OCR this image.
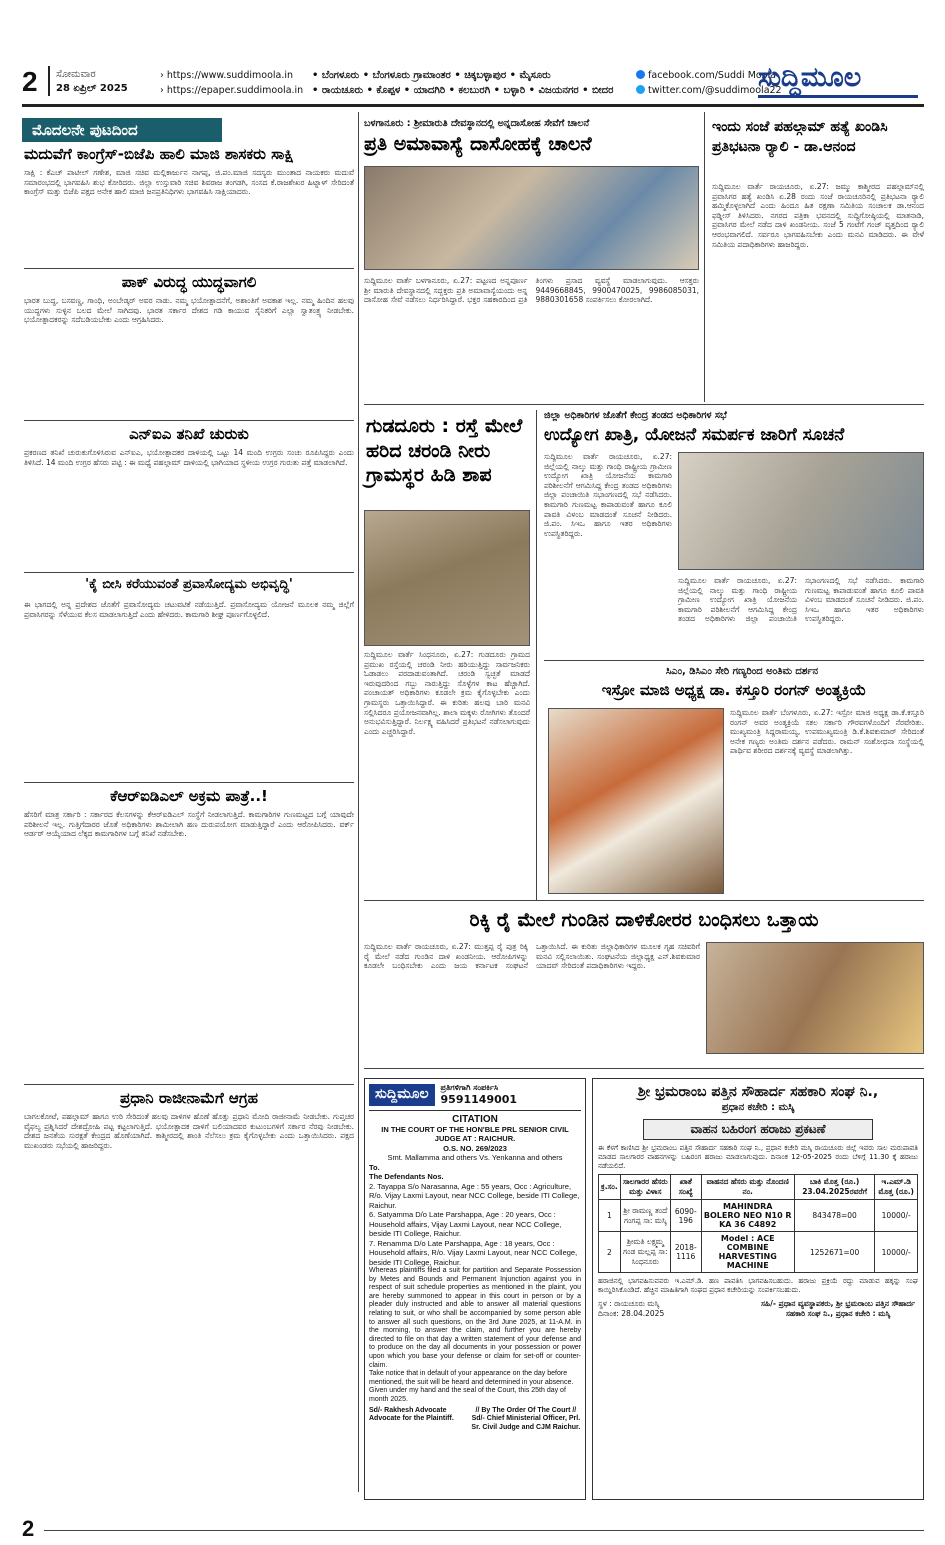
2 ಸೋಮವಾರ
28 ಏಪ್ರಿಲ್ 2025
› https://www.suddimoola.in
› https://epaper.suddimoola.in
• ಬೆಂಗಳೂರು • ಬೆಂಗಳೂರು ಗ್ರಾಮಾಂತರ • ಚಿಕ್ಕಬಳ್ಳಾಪುರ • ಮೈಸೂರು
• ರಾಯಚೂರು • ಕೊಪ್ಪಳ • ಯಾದಗಿರಿ • ಕಲಬುರಗಿ • ಬಳ್ಳಾರಿ • ವಿಜಯನಗರ • ಬೀದರ
facebook.com/Suddi Moola
twitter.com/@suddimoola22
ಸುದ್ದಿಮೂಲ
ಮೊದಲನೇ ಪುಟದಿಂದ
ಮದುವೆಗೆ ಕಾಂಗ್ರೆಸ್-ಬಿಜೆಪಿ ಹಾಲಿ ಮಾಜಿ ಶಾಸಕರು ಸಾಕ್ಷಿ
ಸಾಕ್ಷಿ : ಕೆಎಚ್ ಪಾಟೀಲ್ ಗಣೇಶ, ಮಾಜಿ ಸಚಿವ ಮಲ್ಲಿಕಾರ್ಜುನ ನಾಗಪ್ಪ, ಜಿ.ಪಂ.ಮಾಜಿ ಸದಸ್ಯರು ಮುಂತಾದ ನಾಯಕರು ಮದುವೆ ಸಮಾರಂಭದಲ್ಲಿ ಭಾಗವಹಿಸಿ ಶುಭ ಕೋರಿದರು. ಜಿಲ್ಲಾ ಉಸ್ತುವಾರಿ ಸಚಿವ ಶಿವರಾಜ ತಂಗಡಗಿ, ಸಂಸದ ಕೆ.ರಾಜಶೇಖರ ಹಿಟ್ನಾಳ್ ಸೇರಿದಂತೆ ಕಾಂಗ್ರೆಸ್ ಮತ್ತು ಬಿಜೆಪಿ ಪಕ್ಷದ ಅನೇಕ ಹಾಲಿ ಮಾಜಿ ಜನಪ್ರತಿನಿಧಿಗಳು ಭಾಗವಹಿಸಿ ಸಾಕ್ಷಿಯಾದರು.
ಪಾಕ್ ವಿರುದ್ಧ ಯುದ್ಧವಾಗಲಿ
ಭಾರತ ಬುದ್ಧ, ಬಸವಣ್ಣ, ಗಾಂಧಿ, ಅಂಬೇಡ್ಕರ್ ಅವರ ನಾಡು. ನಮ್ಮ ಭಯೋತ್ಪಾದನೆಗೆ, ಅಶಾಂತಿಗೆ ಅವಕಾಶ ಇಲ್ಲ. ನಮ್ಮ ಹಿಂದಿನ ಹಲವು ಯುದ್ಧಗಳು ಸುಳ್ಳಿನ ಬಲದ ಮೇಲೆ ಸಾಗಿದವು. ಭಾರತ ಸರ್ಕಾರ ದೇಶದ ಗಡಿ ಕಾಯುವ ಸೈನಿಕರಿಗೆ ಎಲ್ಲಾ ಸ್ವಾತಂತ್ರ್ಯ ನೀಡಬೇಕು. ಭಯೋತ್ಪಾದಕರನ್ನು ಸದೆಬಡಿಯಬೇಕು ಎಂದು ಆಗ್ರಹಿಸಿದರು.
ಎನ್‌ಐಎ ತನಿಖೆ ಚುರುಕು
ಪ್ರಕರಣದ ತನಿಖೆ ಚುರುಕುಗೊಳಿಸಿರುವ ಎನ್‌ಐಎ, ಭಯೋತ್ಪಾದಕರ ದಾಳಿಯಲ್ಲಿ ಒಟ್ಟು 14 ಮಂದಿ ಉಗ್ರರು ಸಂಚು ರೂಪಿಸಿದ್ದರು ಎಂದು ತಿಳಿಸಿದೆ. 14 ಮಂದಿ ಉಗ್ರರ ಹೆಸರು ಪಟ್ಟಿ : ಈ ಮಧ್ಯೆ ಪಹಲ್ಗಾಮ್ ದಾಳಿಯಲ್ಲಿ ಭಾಗಿಯಾದ ಸ್ಥಳೀಯ ಉಗ್ರರ ಗುರುತು ಪತ್ತೆ ಮಾಡಲಾಗಿದೆ.
'ಕೈ ಬೀಸಿ ಕರೆಯುವಂತೆ ಪ್ರವಾಸೋದ್ಯಮ ಅಭಿವೃದ್ಧಿ'
ಈ ಭಾಗದಲ್ಲಿ ಅನ್ನ ಪ್ರದೇಶದ ಜೊತೆಗೆ ಪ್ರವಾಸೋದ್ಯಮ ಚಟುವಟಿಕೆ ನಡೆಯುತ್ತಿದೆ. ಪ್ರವಾಸೋದ್ಯಮ ಯೋಜನೆ ಮೂಲಕ ನಮ್ಮ ಜಿಲ್ಲೆಗೆ ಪ್ರವಾಸಿಗರನ್ನು ಸೆಳೆಯುವ ಕೆಲಸ ಮಾಡಲಾಗುತ್ತಿದೆ ಎಂದು ಹೇಳಿದರು. ಕಾಮಗಾರಿ ಶೀಘ್ರ ಪೂರ್ಣಗೊಳ್ಳಲಿದೆ.
ಕೆಆರ್‌ಐಡಿಎಲ್ ಅಕ್ರಮ ಪಾತ್ರೆ..!
ಹೆಸರಿಗೆ ಮಾತ್ರ ಸರ್ಕಾರಿ : ಸರ್ಕಾರದ ಕೆಲಸಗಳನ್ನು ಕೆಆರ್‌ಐಡಿಎಲ್ ಸಂಸ್ಥೆಗೆ ನೀಡಲಾಗುತ್ತಿದೆ. ಕಾಮಗಾರಿಗಳ ಗುಣಮಟ್ಟದ ಬಗ್ಗೆ ಯಾವುದೇ ಪರಿಶೀಲನೆ ಇಲ್ಲ. ಗುತ್ತಿಗೆದಾರರ ಜೊತೆ ಅಧಿಕಾರಿಗಳು ಶಾಮೀಲಾಗಿ ಹಣ ದುರುಪಯೋಗ ಮಾಡುತ್ತಿದ್ದಾರೆ ಎಂದು ಆರೋಪಿಸಿದರು. ವರ್ಕ್ ಆರ್ಡರ್ ಆಯ್ಕೆಯಾದ ಲೆಕ್ಕದ ಕಾಮಗಾರಿಗಳ ಬಗ್ಗೆ ತನಿಖೆ ನಡೆಸಬೇಕು.
ಪ್ರಧಾನಿ ರಾಜೀನಾಮೆಗೆ ಆಗ್ರಹ
ಬಾಗಲಕೋಟೆ, ಪಹಲ್ಗಾಮ್ ಹಾಗೂ ಉರಿ ಸೇರಿದಂತೆ ಹಲವು ದಾಳಿಗಳ ಹೊಣೆ ಹೊತ್ತು ಪ್ರಧಾನಿ ಮೋದಿ ರಾಜೀನಾಮೆ ನೀಡಬೇಕು. ಗುಪ್ತಚರ ವೈಫಲ್ಯ ಪ್ರಶ್ನಿಸಿದರೆ ದೇಶದ್ರೋಹಿ ಪಟ್ಟ ಕಟ್ಟಲಾಗುತ್ತಿದೆ. ಭಯೋತ್ಪಾದಕ ದಾಳಿಗೆ ಬಲಿಯಾದವರ ಕುಟುಂಬಗಳಿಗೆ ಸರ್ಕಾರ ನೆರವು ನೀಡಬೇಕು. ದೇಶದ ಜನತೆಯ ಸುರಕ್ಷತೆ ಕೇಂದ್ರದ ಹೊಣೆಯಾಗಿದೆ. ಕಾಶ್ಮೀರದಲ್ಲಿ ಶಾಂತಿ ನೆಲೆಸಲು ಕ್ರಮ ಕೈಗೊಳ್ಳಬೇಕು ಎಂದು ಒತ್ತಾಯಿಸಿದರು. ಪಕ್ಷದ ಮುಖಂಡರು ಸಭೆಯಲ್ಲಿ ಹಾಜರಿದ್ದರು.
ಬಳಗಾನೂರು : ಶ್ರೀಮಾರುತಿ ದೇವಸ್ಥಾನದಲ್ಲಿ ಅನ್ನದಾಸೋಹ ಸೇವೆಗೆ ಚಾಲನೆ
ಪ್ರತಿ ಅಮಾವಾಸ್ಯೆ ದಾಸೋಹಕ್ಕೆ ಚಾಲನೆ
ಸುದ್ದಿಮೂಲ ವಾರ್ತೆ ಬಳಗಾನೂರು, ಏ.27: ಪಟ್ಟಣದ ಅನ್ನಪೂರ್ಣ ಶ್ರೀ ಮಾರುತಿ ದೇವಸ್ಥಾನದಲ್ಲಿ ಸದ್ಭಕ್ತರು ಪ್ರತಿ ಅಮಾವಾಸ್ಯೆಯಂದು ಅನ್ನ ದಾಸೋಹ ಸೇವೆ ನಡೆಸಲು ನಿರ್ಧರಿಸಿದ್ದಾರೆ. ಭಕ್ತರ ಸಹಕಾರದಿಂದ ಪ್ರತಿ ತಿಂಗಳು ಪ್ರಸಾದ ವ್ಯವಸ್ಥೆ ಮಾಡಲಾಗುವುದು. ಆಸಕ್ತರು 9449668845, 9900470025, 9986085031, 9880301658 ಸಂಪರ್ಕಿಸಲು ಕೋರಲಾಗಿದೆ.
ಗುಡದೂರು : ರಸ್ತೆ ಮೇಲೆ ಹರಿದ ಚರಂಡಿ ನೀರು ಗ್ರಾಮಸ್ಥರ ಹಿಡಿ ಶಾಪ
ಸುದ್ದಿಮೂಲ ವಾರ್ತೆ ಸಿಂಧನೂರು, ಏ.27: ಗುಡದೂರು ಗ್ರಾಮದ ಪ್ರಮುಖ ರಸ್ತೆಯಲ್ಲಿ ಚರಂಡಿ ನೀರು ಹರಿಯುತ್ತಿದ್ದು ಸಾರ್ವಜನಿಕರು ಓಡಾಡಲು ಪರದಾಡುವಂತಾಗಿದೆ. ಚರಂಡಿ ಸ್ವಚ್ಛತೆ ಮಾಡದೆ ಇರುವುದರಿಂದ ಗಬ್ಬು ನಾರುತ್ತಿದ್ದು ಸೊಳ್ಳೆಗಳ ಕಾಟ ಹೆಚ್ಚಾಗಿದೆ. ಪಂಚಾಯತ್ ಅಧಿಕಾರಿಗಳು ಕೂಡಲೇ ಕ್ರಮ ಕೈಗೊಳ್ಳಬೇಕು ಎಂದು ಗ್ರಾಮಸ್ಥರು ಒತ್ತಾಯಿಸಿದ್ದಾರೆ. ಈ ಕುರಿತು ಹಲವು ಬಾರಿ ಮನವಿ ಸಲ್ಲಿಸಿದರೂ ಪ್ರಯೋಜನವಾಗಿಲ್ಲ. ಶಾಲಾ ಮಕ್ಕಳು ರೋಗಿಗಳು ತೊಂದರೆ ಅನುಭವಿಸುತ್ತಿದ್ದಾರೆ. ನಿರ್ಲಕ್ಷ್ಯ ವಹಿಸಿದರೆ ಪ್ರತಿಭಟನೆ ನಡೆಸಲಾಗುವುದು ಎಂದು ಎಚ್ಚರಿಸಿದ್ದಾರೆ.
ಇಂದು ಸಂಜೆ ಪಹಲ್ಗಾಮ್ ಹತ್ಯೆ ಖಂಡಿಸಿ ಪ್ರತಿಭಟನಾ ರ‍್ಯಾಲಿ - ಡಾ.ಆನಂದ
ಸುದ್ದಿಮೂಲ ವಾರ್ತೆ ರಾಯಚೂರು, ಏ.27: ಜಮ್ಮು ಕಾಶ್ಮೀರದ ಪಹಲ್ಗಾಮ್‌ನಲ್ಲಿ ಪ್ರವಾಸಿಗರ ಹತ್ಯೆ ಖಂಡಿಸಿ ಏ.28 ರಂದು ಸಂಜೆ ರಾಯಚೂರಿನಲ್ಲಿ ಪ್ರತಿಭಟನಾ ರ‍್ಯಾಲಿ ಹಮ್ಮಿಕೊಳ್ಳಲಾಗಿದೆ ಎಂದು ಹಿಂದೂ ಹಿತ ರಕ್ಷಣಾ ಸಮಿತಿಯ ಸಂಚಾಲಕ ಡಾ.ಆನಂದ ಫಡ್ನೀಸ್ ತಿಳಿಸಿದರು. ನಗರದ ಪತ್ರಿಕಾ ಭವನದಲ್ಲಿ ಸುದ್ದಿಗೋಷ್ಠಿಯಲ್ಲಿ ಮಾತನಾಡಿ, ಪ್ರವಾಸಿಗರ ಮೇಲೆ ನಡೆದ ದಾಳಿ ಖಂಡನೀಯ. ಸಂಜೆ 5 ಗಂಟೆಗೆ ಗಂಜ್ ವೃತ್ತದಿಂದ ರ‍್ಯಾಲಿ ಆರಂಭವಾಗಲಿದೆ. ಸರ್ವರೂ ಭಾಗವಹಿಸಬೇಕು ಎಂದು ಮನವಿ ಮಾಡಿದರು. ಈ ವೇಳೆ ಸಮಿತಿಯ ಪದಾಧಿಕಾರಿಗಳು ಹಾಜರಿದ್ದರು.
ಜಿಲ್ಲಾ ಅಧಿಕಾರಿಗಳ ಜೊತೆಗೆ ಕೇಂದ್ರ ತಂಡದ ಅಧಿಕಾರಿಗಳ ಸಭೆ
ಉದ್ಯೋಗ ಖಾತ್ರಿ, ಯೋಜನೆ ಸಮರ್ಪಕ ಜಾರಿಗೆ ಸೂಚನೆ
ಸುದ್ದಿಮೂಲ ವಾರ್ತೆ ರಾಯಚೂರು, ಏ.27: ಜಿಲ್ಲೆಯಲ್ಲಿ ನಾಲ್ಕು ಮತ್ತು ಗಾಂಧಿ ರಾಷ್ಟ್ರೀಯ ಗ್ರಾಮೀಣ ಉದ್ಯೋಗ ಖಾತ್ರಿ ಯೋಜನೆಯ ಕಾಮಗಾರಿ ಪರಿಶೀಲನೆಗೆ ಆಗಮಿಸಿದ್ದ ಕೇಂದ್ರ ತಂಡದ ಅಧಿಕಾರಿಗಳು ಜಿಲ್ಲಾ ಪಂಚಾಯಿತಿ ಸಭಾಂಗಣದಲ್ಲಿ ಸಭೆ ನಡೆಸಿದರು. ಕಾಮಗಾರಿ ಗುಣಮಟ್ಟ ಕಾಪಾಡುವಂತೆ ಹಾಗೂ ಕೂಲಿ ಪಾವತಿ ವಿಳಂಬ ಮಾಡದಂತೆ ಸೂಚನೆ ನೀಡಿದರು. ಜಿ.ಪಂ. ಸಿಇಒ ಹಾಗೂ ಇತರ ಅಧಿಕಾರಿಗಳು ಉಪಸ್ಥಿತರಿದ್ದರು.
ಸುದ್ದಿಮೂಲ ವಾರ್ತೆ ರಾಯಚೂರು, ಏ.27: ಜಿಲ್ಲೆಯಲ್ಲಿ ನಾಲ್ಕು ಮತ್ತು ಗಾಂಧಿ ರಾಷ್ಟ್ರೀಯ ಗ್ರಾಮೀಣ ಉದ್ಯೋಗ ಖಾತ್ರಿ ಯೋಜನೆಯ ಕಾಮಗಾರಿ ಪರಿಶೀಲನೆಗೆ ಆಗಮಿಸಿದ್ದ ಕೇಂದ್ರ ತಂಡದ ಅಧಿಕಾರಿಗಳು ಜಿಲ್ಲಾ ಪಂಚಾಯಿತಿ ಸಭಾಂಗಣದಲ್ಲಿ ಸಭೆ ನಡೆಸಿದರು. ಕಾಮಗಾರಿ ಗುಣಮಟ್ಟ ಕಾಪಾಡುವಂತೆ ಹಾಗೂ ಕೂಲಿ ಪಾವತಿ ವಿಳಂಬ ಮಾಡದಂತೆ ಸೂಚನೆ ನೀಡಿದರು. ಜಿ.ಪಂ. ಸಿಇಒ ಹಾಗೂ ಇತರ ಅಧಿಕಾರಿಗಳು ಉಪಸ್ಥಿತರಿದ್ದರು.
ಸಿಎಂ, ಡಿಸಿಎಂ ಸೇರಿ ಗಣ್ಯರಿಂದ ಅಂತಿಮ ದರ್ಶನ
ಇಸ್ರೋ ಮಾಜಿ ಅಧ್ಯಕ್ಷ ಡಾ. ಕಸ್ತೂರಿ ರಂಗನ್ ಅಂತ್ಯಕ್ರಿಯೆ
ಸುದ್ದಿಮೂಲ ವಾರ್ತೆ ಬೆಂಗಳೂರು, ಏ.27: ಇಸ್ರೋ ಮಾಜಿ ಅಧ್ಯಕ್ಷ ಡಾ.ಕೆ.ಕಸ್ತೂರಿ ರಂಗನ್ ಅವರ ಅಂತ್ಯಕ್ರಿಯೆ ಸಕಲ ಸರ್ಕಾರಿ ಗೌರವಗಳೊಂದಿಗೆ ನೆರವೇರಿತು. ಮುಖ್ಯಮಂತ್ರಿ ಸಿದ್ದರಾಮಯ್ಯ, ಉಪಮುಖ್ಯಮಂತ್ರಿ ಡಿ.ಕೆ.ಶಿವಕುಮಾರ್ ಸೇರಿದಂತೆ ಅನೇಕ ಗಣ್ಯರು ಅಂತಿಮ ದರ್ಶನ ಪಡೆದರು. ರಾಮನ್ ಸಂಶೋಧನಾ ಸಂಸ್ಥೆಯಲ್ಲಿ ಪಾರ್ಥಿವ ಶರೀರದ ದರ್ಶನಕ್ಕೆ ವ್ಯವಸ್ಥೆ ಮಾಡಲಾಗಿತ್ತು.
ರಿಕ್ಕಿ ರೈ ಮೇಲೆ ಗುಂಡಿನ ದಾಳಿಕೋರರ ಬಂಧಿಸಲು ಒತ್ತಾಯ
ಸುದ್ದಿಮೂಲ ವಾರ್ತೆ ರಾಯಚೂರು, ಏ.27: ಮುತ್ತಪ್ಪ ರೈ ಪುತ್ರ ರಿಕ್ಕಿ ರೈ ಮೇಲೆ ನಡೆದ ಗುಂಡಿನ ದಾಳಿ ಖಂಡನೀಯ. ಆರೋಪಿಗಳನ್ನು ಕೂಡಲೇ ಬಂಧಿಸಬೇಕು ಎಂದು ಜಯ ಕರ್ನಾಟಕ ಸಂಘಟನೆ ಒತ್ತಾಯಿಸಿದೆ. ಈ ಕುರಿತು ಜಿಲ್ಲಾಧಿಕಾರಿಗಳ ಮೂಲಕ ಗೃಹ ಸಚಿವರಿಗೆ ಮನವಿ ಸಲ್ಲಿಸಲಾಯಿತು. ಸಂಘಟನೆಯ ಜಿಲ್ಲಾಧ್ಯಕ್ಷ ಎನ್.ಶಿವಕುಮಾರ ಯಾದವ್ ಸೇರಿದಂತೆ ಪದಾಧಿಕಾರಿಗಳು ಇದ್ದರು.
ಸುದ್ದಿಮೂಲ	ಪ್ರತಿಗಳಿಗಾಗಿ ಸಂಪರ್ಕಿಸಿ
9591149001
CITATION
IN THE COURT OF THE HON'BLE PRL SENIOR CIVIL JUDGE AT : RAICHUR.
O.S. NO. 269/2023
Smt. Mallamma and others Vs. Yenkanna and others
To.
The Defendants Nos.
2. Tayappa S/o Narasanna, Age : 55 years, Occ : Agriculture, R/o. Vijay Laxmi Layout, near NCC College, beside ITI College, Raichur.
6. Satyamma D/o Late Parshappa, Age : 20 years, Occ : Household affairs, Vijay Laxmi Layout, near NCC College, beside ITI College, Raichur.
7. Renamma D/o Late Parshappa, Age : 18 years, Occ : Household affairs, R/o. Vijay Laxmi Layout, near NCC College, beside ITI College, Raichur.
Whereas plaintiffs filed a suit for partition and Separate Possession by Metes and Bounds and Permanent Injunction against you in respect of suit schedule properties as mentioned in the plaint, you are hereby summoned to appear in this court in person or by a pleader duly instructed and able to answer all material questions relating to suit, or who shall be accompanied by some person able to answer all such questions, on the 3rd June 2025, at 11-A.M. in the morning, to answer the claim, and further you are hereby directed to file on that day a written statement of your defense and to produce on the day all documents in your possession or power upon which you base your defense or claim for set-off or counter-claim.
Take notice that in default of your appearance on the day before mentioned, the suit will be heard and determined in your absence.
Given under my hand and the seal of the Court, this 25th day of month 2025.
Sd/- Rakhesh Advocate Advocate for the Plaintiff.
// By The Order Of The Court // Sd/- Chief Ministerial Officer, Prl. Sr. Civil Judge and CJM Raichur.
ಶ್ರೀ ಭ್ರಮರಾಂಬ ಪತ್ತಿನ ಸೌಹಾರ್ದ ಸಹಕಾರಿ ಸಂಘ ನಿ.,
ಪ್ರಧಾನ ಕಚೇರಿ : ಮಸ್ಕಿ
ವಾಹನ ಬಹಿರಂಗ ಹರಾಜು ಪ್ರಕಟಣೆ
ಈ ಕೆಳಗೆ ಕಾಣಿಸಿದ ಶ್ರೀ ಭ್ರಮರಾಂಬ ಪತ್ತಿನ ಸೌಹಾರ್ದ ಸಹಕಾರಿ ಸಂಘ ನಿ., ಪ್ರಧಾನ ಕಚೇರಿ ಮಸ್ಕಿ ರಾಯಚೂರು ಜಿಲ್ಲೆ ಇವರು ಸಾಲ ಮರುಪಾವತಿ ಮಾಡದ ಸಾಲಗಾರರ ವಾಹನಗಳನ್ನು ಬಹಿರಂಗ ಹರಾಜು ಮಾಡಲಾಗುವುದು. ದಿನಾಂಕ 12-05-2025 ರಂದು ಬೆಳಿಗ್ಗೆ 11.30 ಕ್ಕೆ ಹರಾಜು ನಡೆಯಲಿದೆ.
ಕ್ರ.ಸಂ.	ಸಾಲಗಾರರ ಹೆಸರು ಮತ್ತು ವಿಳಾಸ	ಖಾತೆ ಸಂಖ್ಯೆ	ವಾಹನದ ಹೆಸರು ಮತ್ತು ನೊಂದಣಿ ನಂ.	ಬಾಕಿ ಮೊತ್ತ (ರೂ.) 23.04.2025ರವರೆಗೆ	ಇ.ಎಮ್.ಡಿ ಮೊತ್ತ (ರೂ.)
1	ಶ್ರೀ ರಾಮಣ್ಣ ತಂದೆ ಗಂಗಪ್ಪ ಸಾ: ಮಸ್ಕಿ	6090-196	MAHINDRA BOLERO NEO N10 R KA 36 C4892	843478=00	10000/-
2	ಶ್ರೀಮತಿ ಲಕ್ಷ್ಮಮ್ಮ ಗಂಡ ಮಲ್ಲಪ್ಪ ಸಾ: ಸಿಂಧನೂರು	2018-1116	Model : ACE COMBINE HARVESTING MACHINE	1252671=00	10000/-
ಹರಾಜಿನಲ್ಲಿ ಭಾಗವಹಿಸುವವರು ಇ.ಎಮ್.ಡಿ. ಹಣ ಪಾವತಿಸಿ ಭಾಗವಹಿಸಬಹುದು. ಹರಾಜು ಪ್ರಕ್ರಿಯೆ ರದ್ದು ಮಾಡುವ ಹಕ್ಕನ್ನು ಸಂಘ ಕಾಯ್ದಿರಿಸಿಕೊಂಡಿದೆ. ಹೆಚ್ಚಿನ ಮಾಹಿತಿಗಾಗಿ ಸಂಘದ ಪ್ರಧಾನ ಕಚೇರಿಯನ್ನು ಸಂಪರ್ಕಿಸಬಹುದು.
ಸ್ಥಳ : ರಾಯಚೂರು ಮಸ್ಕಿ
ದಿನಾಂಕ: 28.04.2025
ಸಹಿ/- ಪ್ರಧಾನ ವ್ಯವಸ್ಥಾಪಕರು, ಶ್ರೀ ಭ್ರಮರಾಂಬ ಪತ್ತಿನ ಸೌಹಾರ್ದ ಸಹಕಾರಿ ಸಂಘ ನಿ., ಪ್ರಧಾನ ಕಚೇರಿ : ಮಸ್ಕಿ
2
